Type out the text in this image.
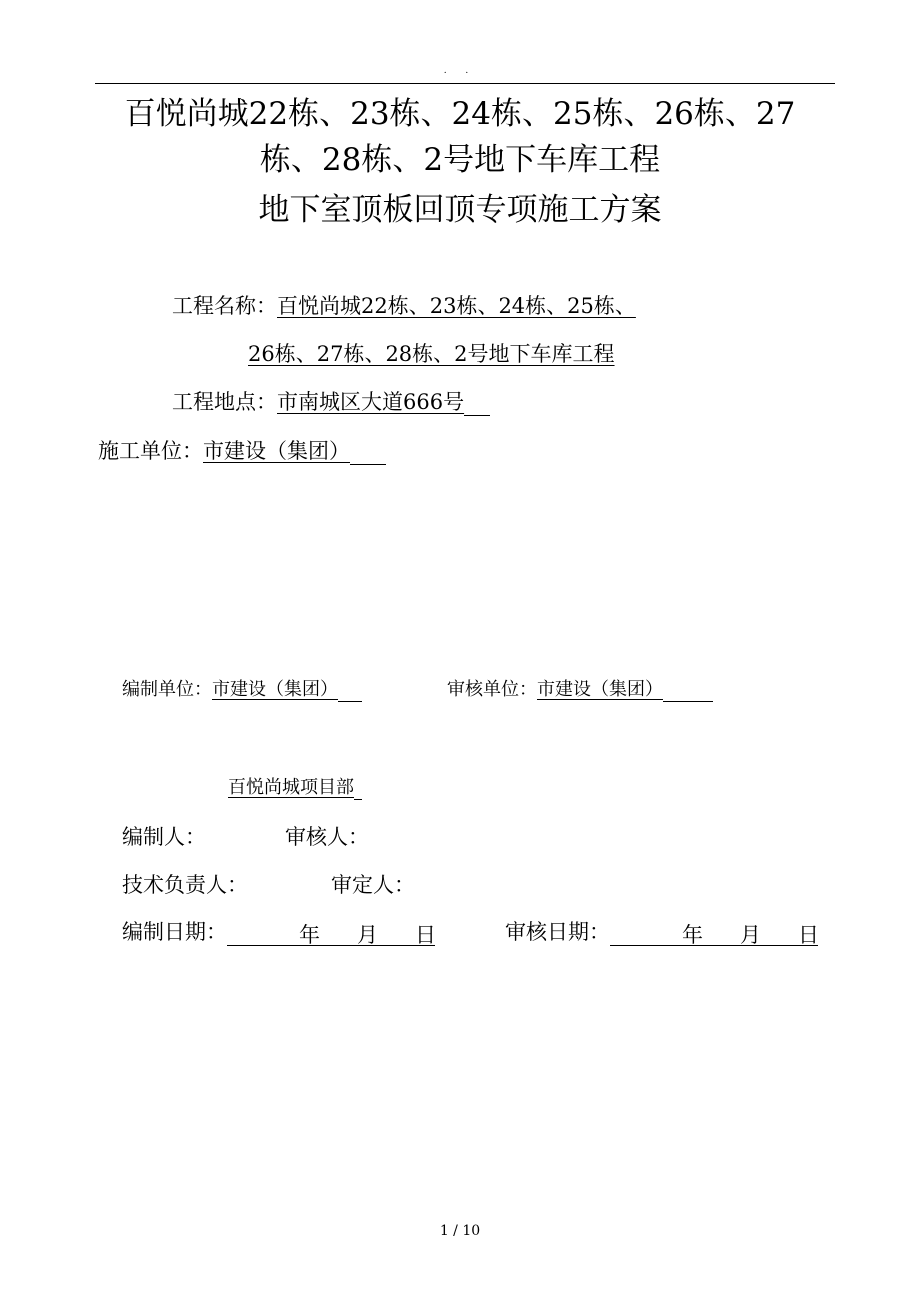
. .
百悦尚城22栋、23栋、24栋、25栋、26栋、27
栋、28栋、2号地下车库工程
地下室顶板回顶专项施工方案
工程名称：百悦尚城22栋、23栋、24栋、25栋、
26栋、27栋、28栋、2号地下车库工程
工程地点：市南城区大道666号
施工单位：市建设（集团）
编制单位：市建设（集团）	审核单位：市建设（集团）
百悦尚城项目部
编制人：	审核人：
技术负责人：	审定人：
编制日期：	年 月 日	审核日期：	年 月 日
1 / 10
